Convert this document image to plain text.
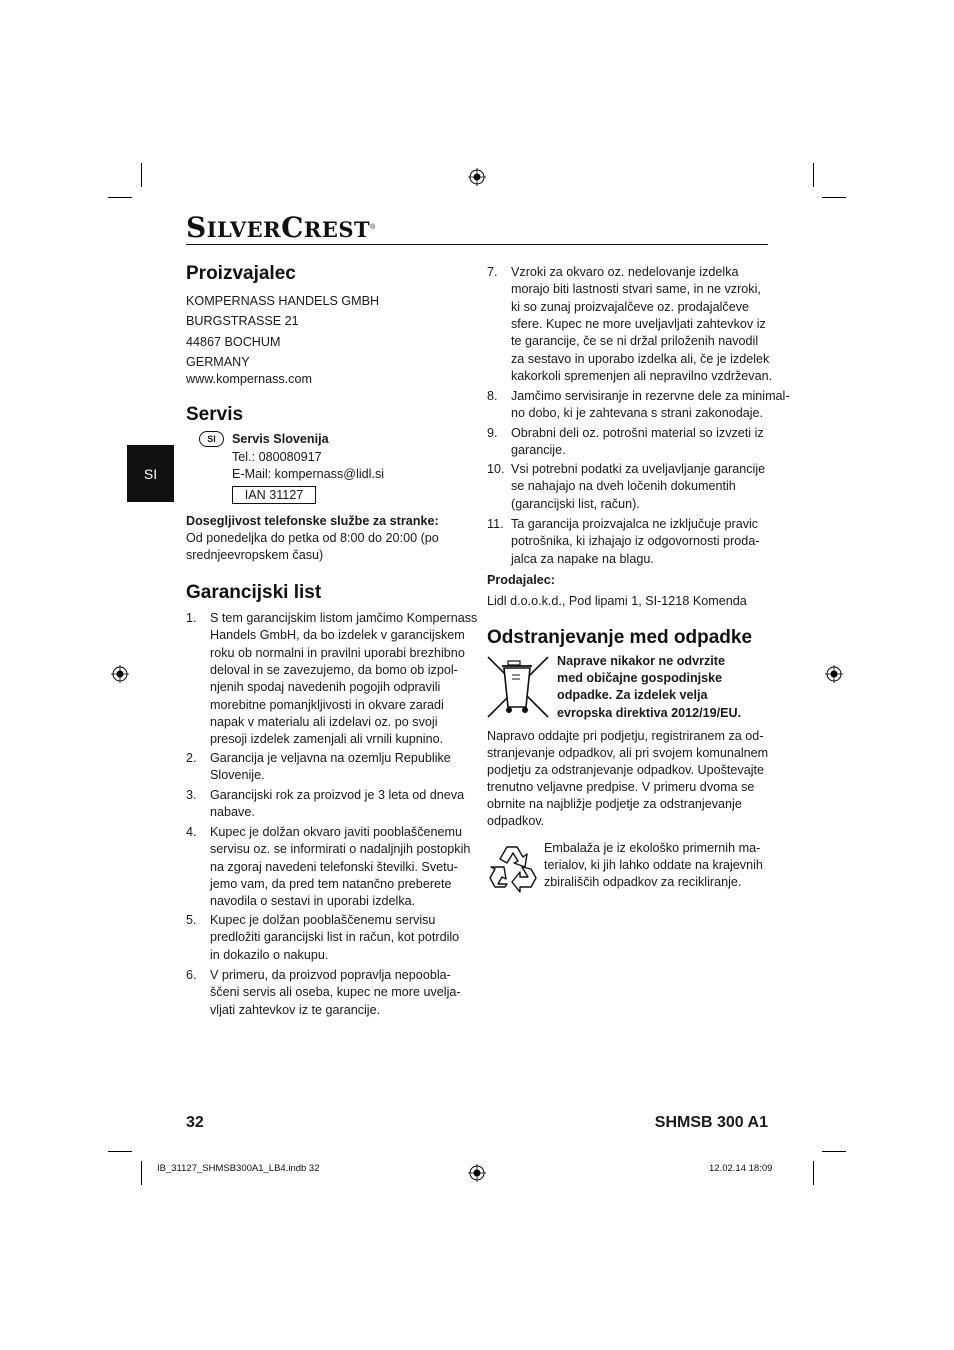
SILVERCREST®
SI
Proizvajalec
KOMPERNASS HANDELS GMBH
BURGSTRASSE 21
44867 BOCHUM
GERMANY
www.kompernass.com
Servis
SI Servis Slovenija
Tel.: 080080917
E-Mail: kompernass@lidl.si
IAN 31127
Dosegljivost telefonske službe za stranke:
Od ponedeljka do petka od 8:00 do 20:00 (po
srednjeevropskem času)
Garancijski list
1. S tem garancijskim listom jamčimo Kompernass
Handels GmbH, da bo izdelek v garancijskem
roku ob normalni in pravilni uporabi brezhibno
deloval in se zavezujemo, da bomo ob izpol-
njenih spodaj navedenih pogojih odpravili
morebitne pomanjkljivosti in okvare zaradi
napak v materialu ali izdelavi oz. po svoji
presoji izdelek zamenjali ali vrnili kupnino.
2. Garancija je veljavna na ozemlju Republike
Slovenije.
3. Garancijski rok za proizvod je 3 leta od dneva
nabave.
4. Kupec je dolžan okvaro javiti pooblaščenemu
servisu oz. se informirati o nadaljnjih postopkih
na zgoraj navedeni telefonski številki. Svetu-
jemo vam, da pred tem natančno preberete
navodila o sestavi in uporabi izdelka.
5. Kupec je dolžan pooblaščenemu servisu
predložiti garancijski list in račun, kot potrdilo
in dokazilo o nakupu.
6. V primeru, da proizvod popravlja nepoobla-
ščeni servis ali oseba, kupec ne more uvelja-
vljati zahtevkov iz te garancije.
7. Vzroki za okvaro oz. nedelovanje izdelka
morajo biti lastnosti stvari same, in ne vzroki,
ki so zunaj proizvajalčeve oz. prodajalčeve
sfere. Kupec ne more uveljavljati zahtevkov iz
te garancije, če se ni držal priloženih navodil
za sestavo in uporabo izdelka ali, če je izdelek
kakorkoli spremenjen ali nepravilno vzdrževan.
8. Jamčimo servisiranje in rezervne dele za minimal-
no dobo, ki je zahtevana s strani zakonodaje.
9. Obrabni deli oz. potrošni material so izvzeti iz
garancije.
10. Vsi potrebni podatki za uveljavljanje garancije
se nahajajo na dveh ločenih dokumentih
(garancijski list, račun).
11. Ta garancija proizvajalca ne izključuje pravic
potrošnika, ki izhajajo iz odgovornosti proda-
jalca za napake na blagu.
Prodajalec:
Lidl d.o.o.k.d., Pod lipami 1, SI-1218 Komenda
Odstranjevanje med odpadke
Naprave nikakor ne odvrzite
med običajne gospodinjske
odpadke. Za izdelek velja
evropska direktiva 2012/19/EU.
Napravo oddajte pri podjetju, registriranem za od-
stranjevanje odpadkov, ali pri svojem komunalnem
podjetju za odstranjevanje odpadkov. Upoštevajte
trenutno veljavne predpise. V primeru dvoma se
obrnite na najbližje podjetje za odstranjevanje
odpadkov.
Embalaža je iz ekološko primernih ma-
terialov, ki jih lahko oddate na krajevnih
zbirališčih odpadkov za recikliranje.
32	SHMSB 300 A1
IB_31127_SHMSB300A1_LB4.indb 32	12.02.14 18:09
